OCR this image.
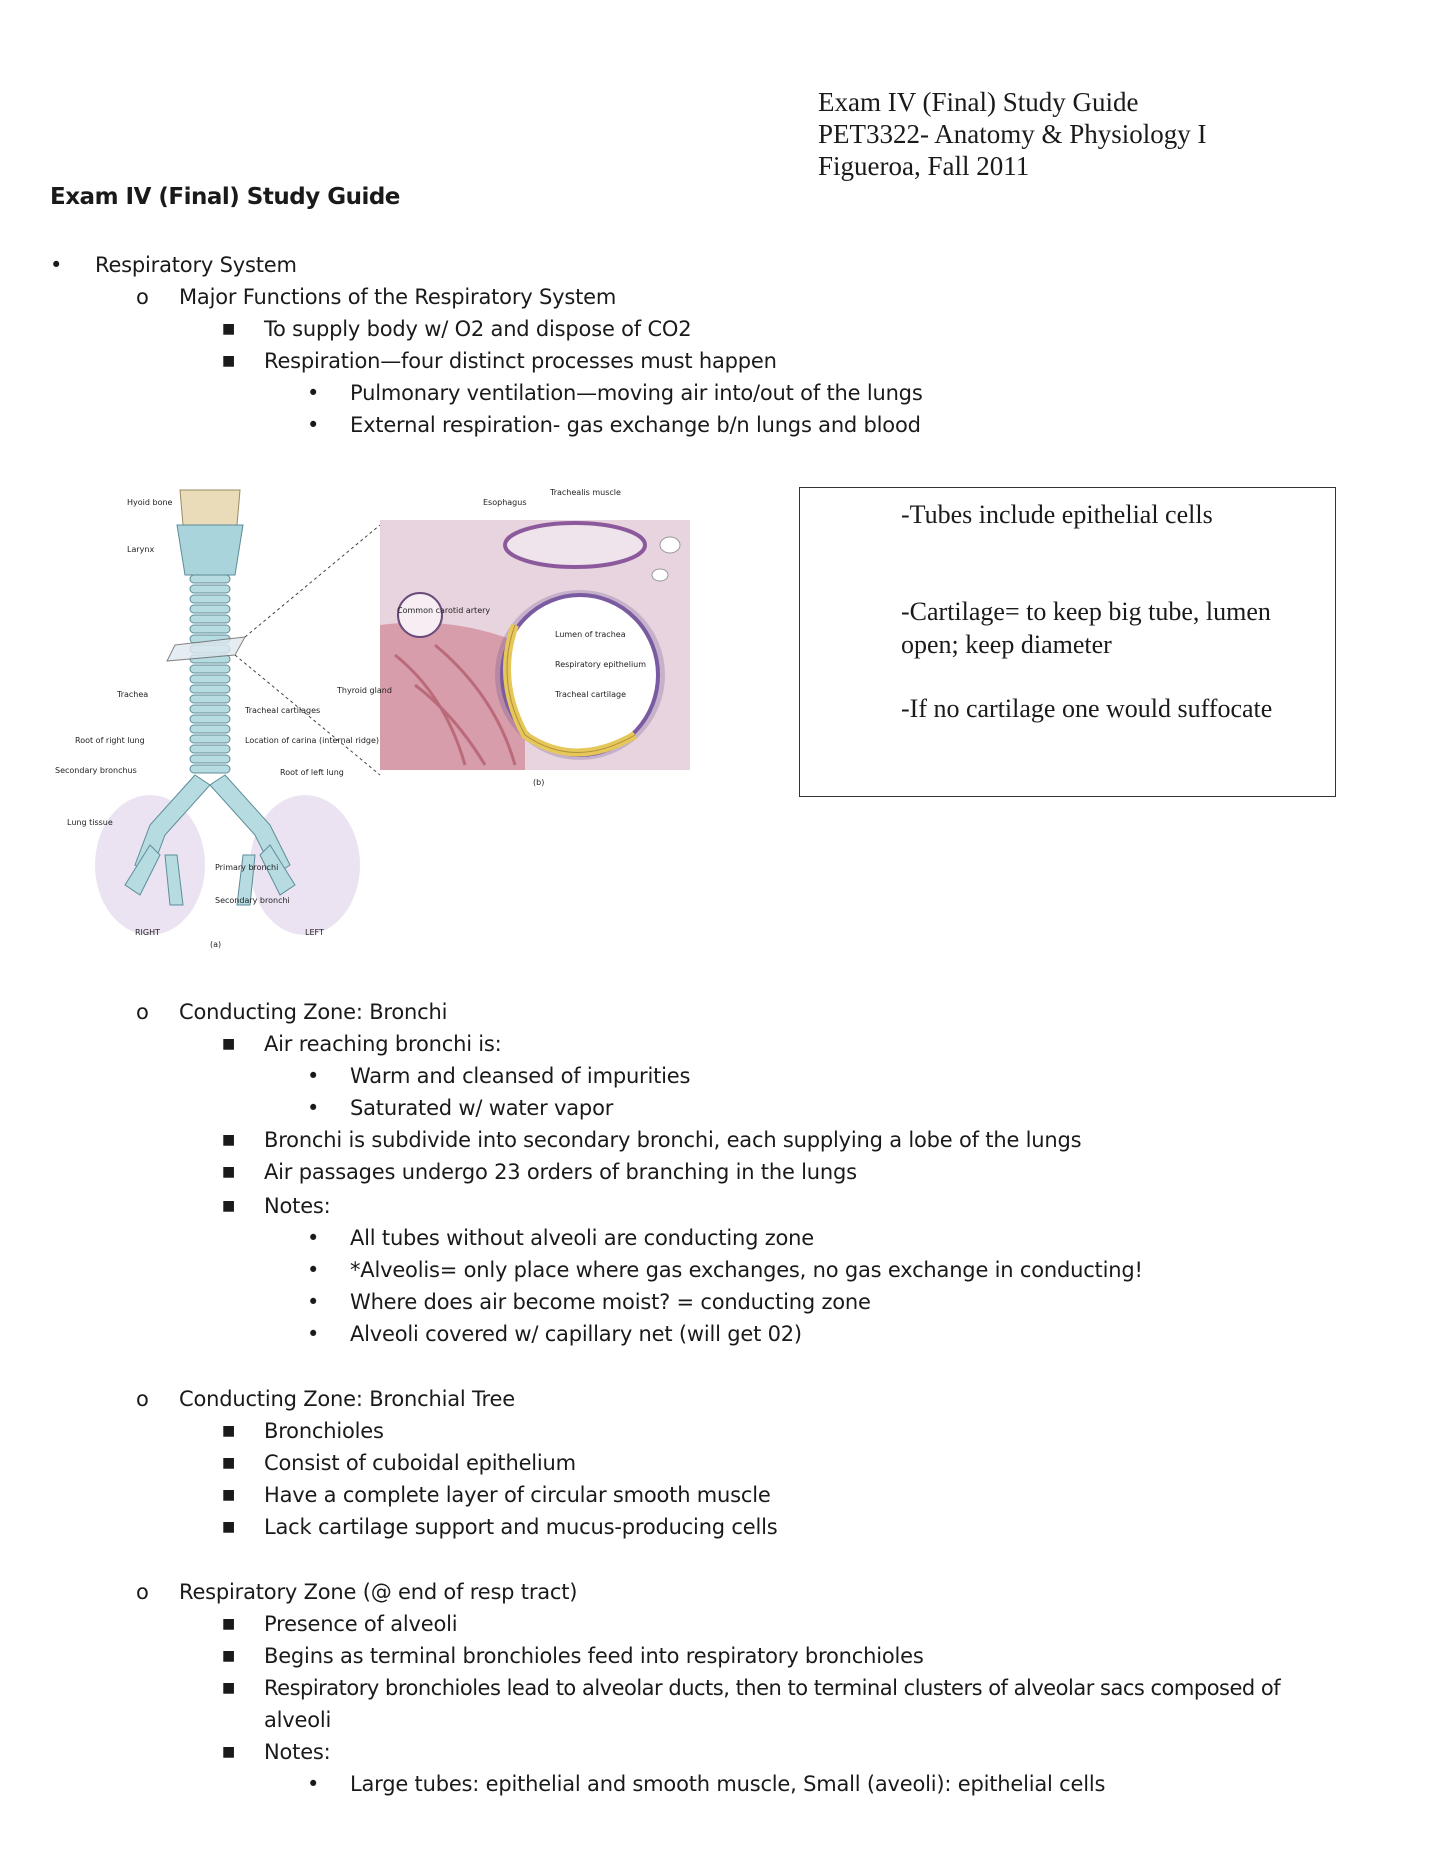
Exam IV (Final) Study Guide
PET3322- Anatomy & Physiology I
Figueroa, Fall 2011
Exam IV (Final) Study Guide
• Respiratory System
o Major Functions of the Respiratory System
■ To supply body w/ O2 and dispose of CO2
■ Respiration—four distinct processes must happen
• Pulmonary ventilation—moving air into/out of the lungs
• External respiration- gas exchange b/n lungs and blood
Hyoid bone
Larynx
Trachea
Tracheal cartilages
Location of carina (internal ridge)
Root of right lung
Secondary bronchus	Root of left lung
Lung tissue
Primary bronchi
Secondary bronchi
RIGHT	LEFT
(a)
Esophagus
Trachealis muscle
Common carotid artery
Lumen of trachea
Respiratory epithelium
Tracheal cartilage
Thyroid gland
(b)
-Tubes include epithelial cells
-Cartilage= to keep big tube, lumen open; keep diameter
-If no cartilage one would suffocate
o Conducting Zone: Bronchi
■ Air reaching bronchi is:
• Warm and cleansed of impurities
• Saturated w/ water vapor
■ Bronchi is subdivide into secondary bronchi, each supplying a lobe of the lungs
■ Air passages undergo 23 orders of branching in the lungs
■ Notes:
• All tubes without alveoli are conducting zone
• *Alveolis= only place where gas exchanges, no gas exchange in conducting!
• Where does air become moist? = conducting zone
• Alveoli covered w/ capillary net (will get 02)
o Conducting Zone: Bronchial Tree
■ Bronchioles
■ Consist of cuboidal epithelium
■ Have a complete layer of circular smooth muscle
■ Lack cartilage support and mucus-producing cells
o Respiratory Zone (@ end of resp tract)
■ Presence of alveoli
■ Begins as terminal bronchioles feed into respiratory bronchioles
■ Respiratory bronchioles lead to alveolar ducts, then to terminal clusters of alveolar sacs composed of
alveoli
■ Notes:
• Large tubes: epithelial and smooth muscle, Small (aveoli): epithelial cells
